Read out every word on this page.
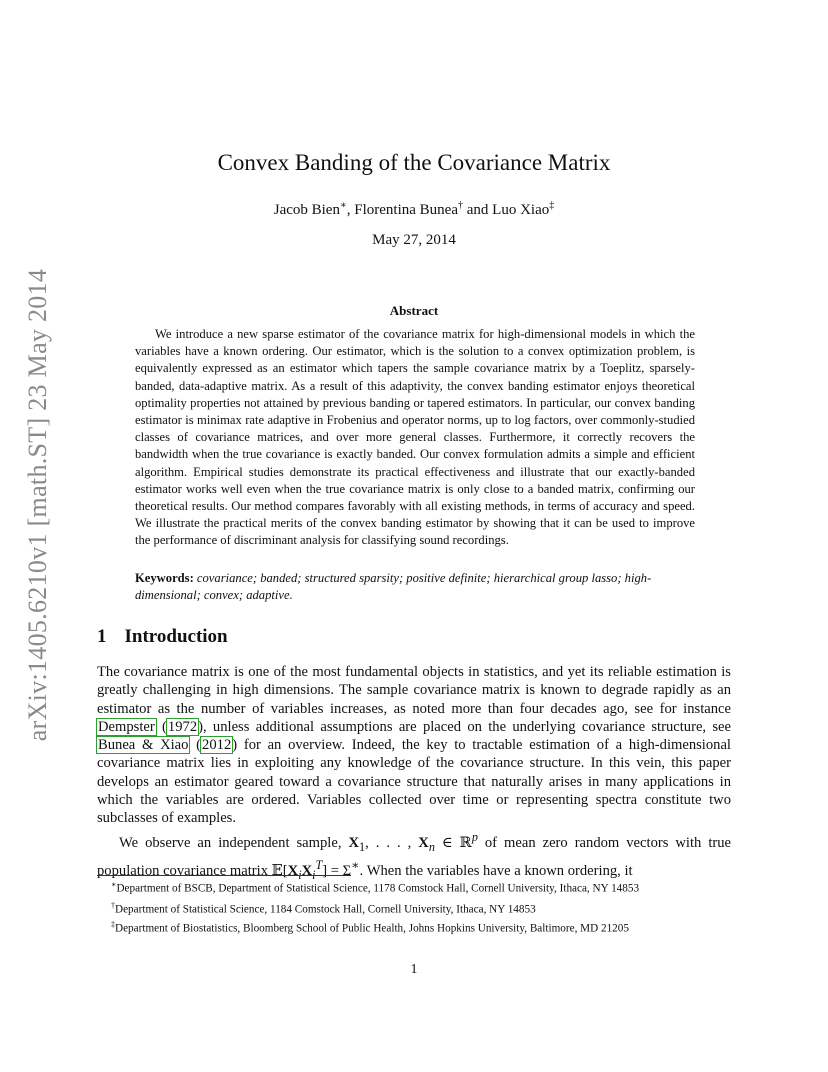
arXiv:1405.6210v1 [math.ST] 23 May 2014
Convex Banding of the Covariance Matrix
Jacob Bien∗, Florentina Bunea† and Luo Xiao‡
May 27, 2014
Abstract

We introduce a new sparse estimator of the covariance matrix for high-dimensional models in which the variables have a known ordering. Our estimator, which is the solution to a convex optimization problem, is equivalently expressed as an estimator which tapers the sample covariance matrix by a Toeplitz, sparsely-banded, data-adaptive matrix. As a result of this adaptivity, the convex banding estimator enjoys theoretical optimality properties not attained by previous banding or tapered estimators. In particular, our convex banding estimator is minimax rate adaptive in Frobenius and operator norms, up to log factors, over commonly-studied classes of covariance matrices, and over more general classes. Furthermore, it correctly recovers the bandwidth when the true covariance is exactly banded. Our convex formulation admits a simple and efficient algorithm. Empirical studies demonstrate its practical effectiveness and illustrate that our exactly-banded estimator works well even when the true covariance matrix is only close to a banded matrix, confirming our theoretical results. Our method compares favorably with all existing methods, in terms of accuracy and speed. We illustrate the practical merits of the convex banding estimator by showing that it can be used to improve the performance of discriminant analysis for classifying sound recordings.

Keywords: covariance; banded; structured sparsity; positive definite; hierarchical group lasso; high-dimensional; convex; adaptive.

1 Introduction

The covariance matrix is one of the most fundamental objects in statistics, and yet its reliable estimation is greatly challenging in high dimensions. The sample covariance matrix is known to degrade rapidly as an estimator as the number of variables increases, as noted more than four decades ago, see for instance Dempster (1972), unless additional assumptions are placed on the underlying covariance structure, see Bunea & Xiao (2012) for an overview. Indeed, the key to tractable estimation of a high-dimensional covariance matrix lies in exploiting any knowledge of the covariance structure. In this vein, this paper develops an estimator geared toward a covariance structure that naturally arises in many applications in which the variables are ordered. Variables collected over time or representing spectra constitute two subclasses of examples.

We observe an independent sample, $X_1$, . . . , $X_n$ ∈ ℝ$^p$ of mean zero random vectors with true population covariance matrix $𝔼[X_iX_i^T] = \Sigma^∗$. When the variables have a known ordering, it

∗Department of BSCB, Department of Statistical Science, 1178 Comstock Hall, Cornell University, Ithaca, NY 14853

†Department of Statistical Science, 1184 Comstock Hall, Cornell University, Ithaca, NY 14853

‡Department of Biostatistics, Bloomberg School of Public Health, Johns Hopkins University, Baltimore, MD 21205

1
